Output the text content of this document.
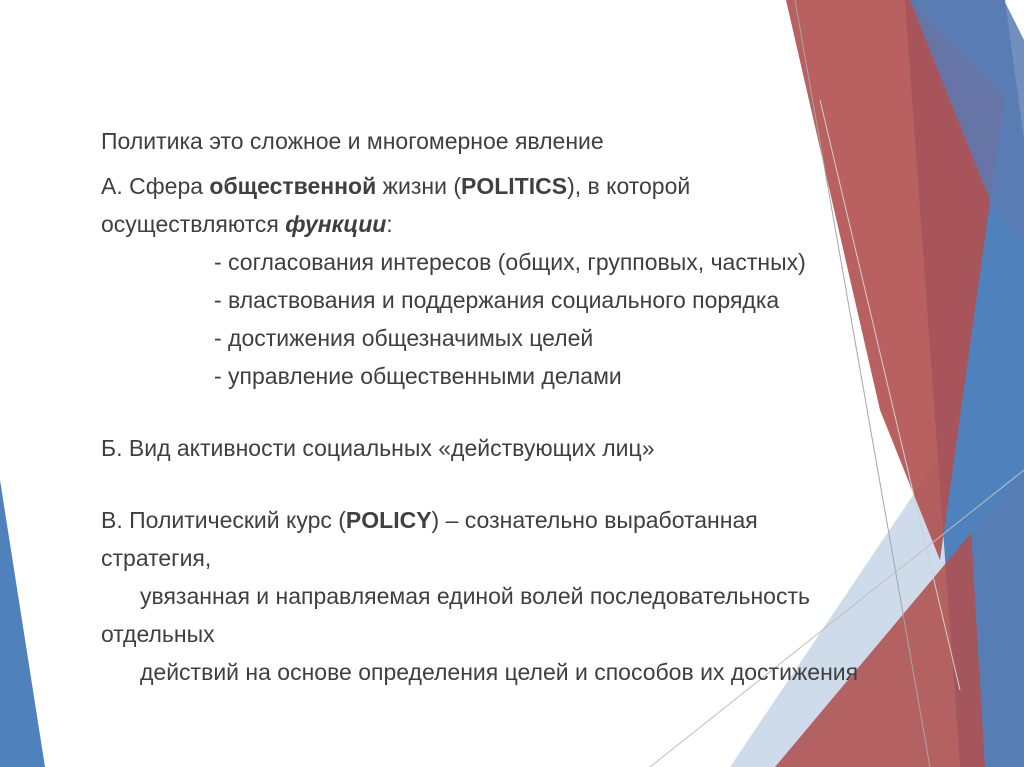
Политика это сложное и многомерное явление

А. Сфера общественной жизни (POLITICS), в которой

осуществляются функции:

- согласования интересов (общих, групповых, частных)

- властвования и поддержания социального порядка

- достижения общезначимых целей

- управление общественными делами

Б. Вид активности социальных «действующих лиц»

В. Политический курс (POLICY) – сознательно выработанная

стратегия,

увязанная и направляемая единой волей последовательность

отдельных

действий на основе определения целей и способов их достижения
